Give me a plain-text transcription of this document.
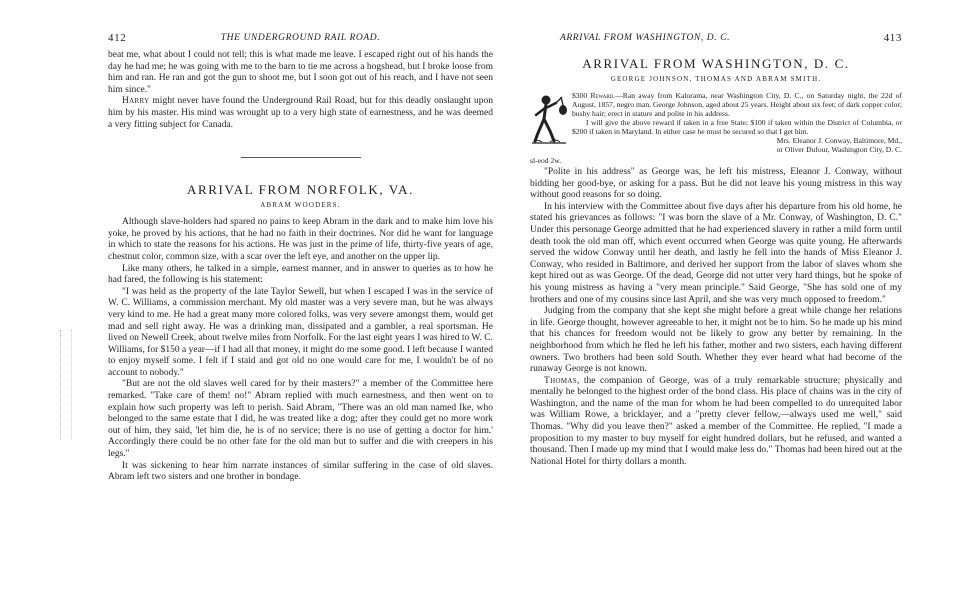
412	THE UNDERGROUND RAIL ROAD.

beat me, what about I could not tell; this is what made me leave. I escaped right out of his hands the day he had me; he was going with me to the barn to tie me across a hogshead, but I broke loose from him and ran. He ran and got the gun to shoot me, but I soon got out of his reach, and I have not seen him since."

Harry might never have found the Underground Rail Road, but for this deadly onslaught upon him by his master. His mind was wrought up to a very high state of earnestness, and he was deemed a very fitting subject for Canada.

ARRIVAL FROM NORFOLK, VA.
ABRAM WOODERS.

Although slave-holders had spared no pains to keep Abram in the dark and to make him love his yoke, he proved by his actions, that he had no faith in their doctrines. Nor did he want for language in which to state the reasons for his actions. He was just in the prime of life, thirty-five years of age, chestnut color, common size, with a scar over the left eye, and another on the upper lip.

Like many others, he talked in a simple, earnest manner, and in answer to queries as to how he had fared, the following is his statement:

"I was held as the property of the late Taylor Sewell, but when I escaped I was in the service of W. C. Williams, a commission merchant. My old master was a very severe man, but he was always very kind to me. He had a great many more colored folks, was very severe amongst them, would get mad and sell right away. He was a drinking man, dissipated and a gambler, a real sportsman. He lived on Newell Creek, about twelve miles from Norfolk. For the last eight years I was hired to W. C. Williams, for $150 a year—if I had all that money, it might do me some good. I left because I wanted to enjoy myself some. I felt if I staid and got old no one would care for me, I wouldn't be of no account to nobody."

"But are not the old slaves well cared for by their masters?" a member of the Committee here remarked. "Take care of them! no!" Abram replied with much earnestness, and then went on to explain how such property was left to perish. Said Abram, "There was an old man named Ike, who belonged to the same estate that I did, he was treated like a dog; after they could get no more work out of him, they said, 'let him die, he is of no service; there is no use of getting a doctor for him.' Accordingly there could be no other fate for the old man but to suffer and die with creepers in his legs."

It was sickening to hear him narrate instances of similar suffering in the case of old slaves. Abram left two sisters and one brother in bondage.

ARRIVAL FROM WASHINGTON, D. C.	413
ARRIVAL FROM WASHINGTON, D. C.
GEORGE JOHNSON, THOMAS AND ABRAM SMITH.

$300 Reward.—Ran away from Kalorama, near Washington City, D. C., on Saturday night, the 22d of August, 1857, negro man, George Johnson, aged about 25 years. Height about six feet; of dark copper color; bushy hair; erect in stature and polite in his address.

I will give the above reward if taken in a free State; $100 if taken within the District of Columbia, or $200 if taken in Maryland. In either case he must be secured so that I get him.

Mrs. Eleanor J. Conway, Baltimore, Md.,

or Oliver Dufour, Washington City, D. C.

sl-eod 2w.

"Polite in his address" as George was, he left his mistress, Eleanor J. Conway, without bidding her good-bye, or asking for a pass. But he did not leave his young mistress in this way without good reasons for so doing.

In his interview with the Committee about five days after his departure from his old home, he stated his grievances as follows: "I was born the slave of a Mr. Conway, of Washington, D. C." Under this personage George admitted that he had experienced slavery in rather a mild form until death took the old man off, which event occurred when George was quite young. He afterwards served the widow Conway until her death, and lastly he fell into the hands of Miss Eleanor J. Conway, who resided in Baltimore, and derived her support from the labor of slaves whom she kept hired out as was George. Of the dead, George did not utter very hard things, but he spoke of his young mistress as having a "very mean principle." Said George, "She has sold one of my brothers and one of my cousins since last April, and she was very much opposed to freedom."

Judging from the company that she kept she might before a great while change her relations in life. George thought, however agreeable to her, it might not be to him. So he made up his mind that his chances for freedom would not be likely to grow any better by remaining. In the neighborhood from which he fled he left his father, mother and two sisters, each having different owners. Two brothers had been sold South. Whether they ever heard what had become of the runaway George is not known.

Thomas, the companion of George, was of a truly remarkable structure; physically and mentally he belonged to the highest order of the bond class. His place of chains was in the city of Washington, and the name of the man for whom he had been compelled to do unrequited labor was William Rowe, a bricklayer, and a "pretty clever fellow,—always used me well," said Thomas. "Why did you leave then?" asked a member of the Committee. He replied, "I made a proposition to my master to buy myself for eight hundred dollars, but he refused, and wanted a thousand. Then I made up my mind that I would make less do." Thomas had been hired out at the National Hotel for thirty dollars a month.
